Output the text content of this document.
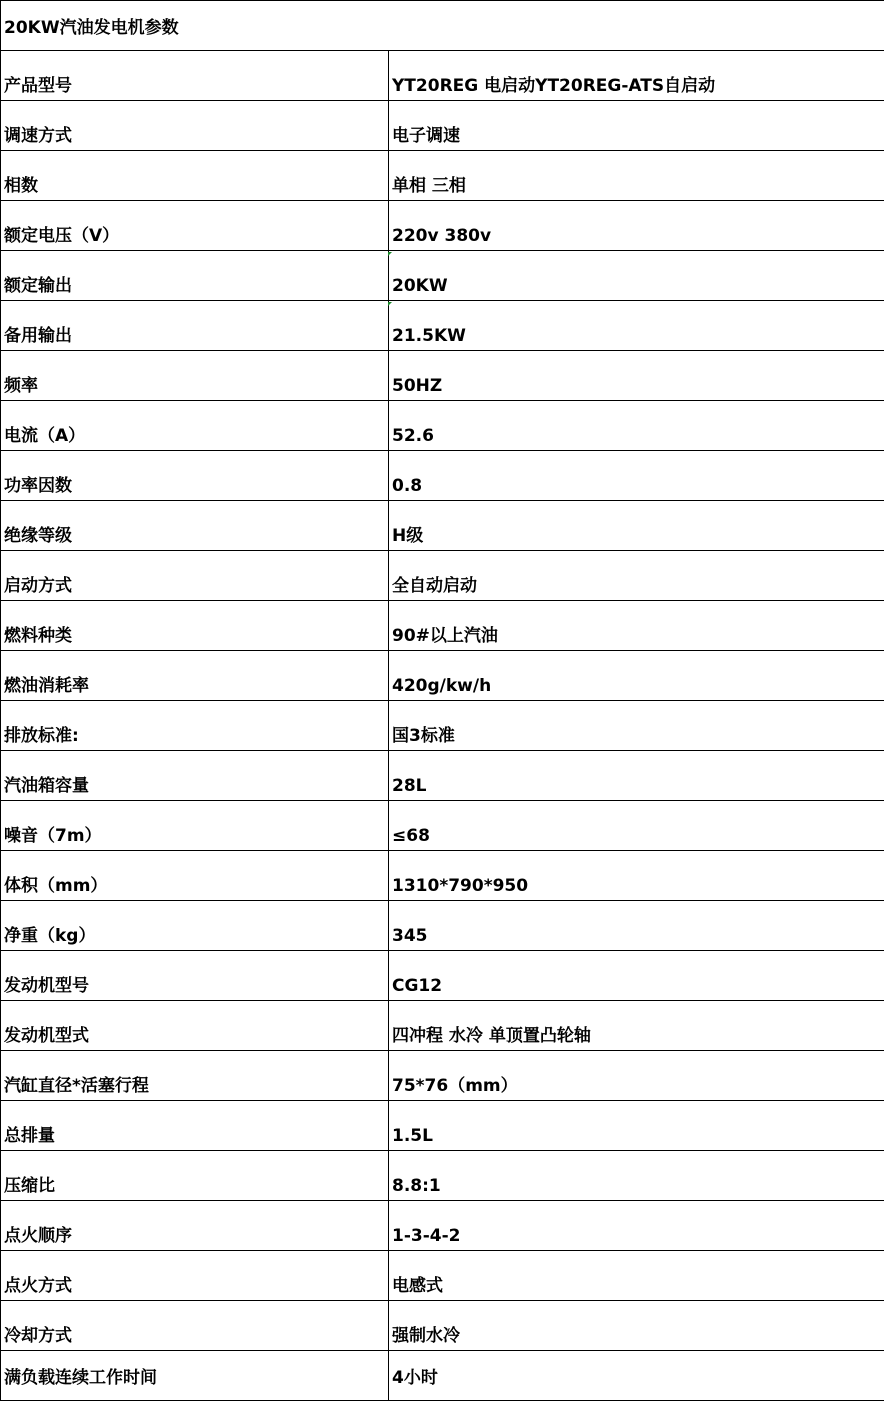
20KW汽油发电机参数	
产品型号	YT20REG 电启动YT20REG-ATS自启动
调速方式	电子调速
相数	单相 三相
额定电压（V）	220v 380v
额定输出	20KW
备用输出	21.5KW
频率	50HZ
电流（A）	52.6
功率因数	0.8
绝缘等级	H级
启动方式	全自动启动
燃料种类	90#以上汽油
燃油消耗率	420g/kw/h
排放标准:	国3标准
汽油箱容量	28L
噪音（7m）	≤68
体积（mm）	1310*790*950
净重（kg）	345
发动机型号	CG12
发动机型式	四冲程 水冷 单顶置凸轮轴
汽缸直径*活塞行程	75*76（mm）
总排量	1.5L
压缩比	8.8:1
点火顺序	1-3-4-2
点火方式	电感式
冷却方式	强制水冷
满负载连续工作时间	4小时
